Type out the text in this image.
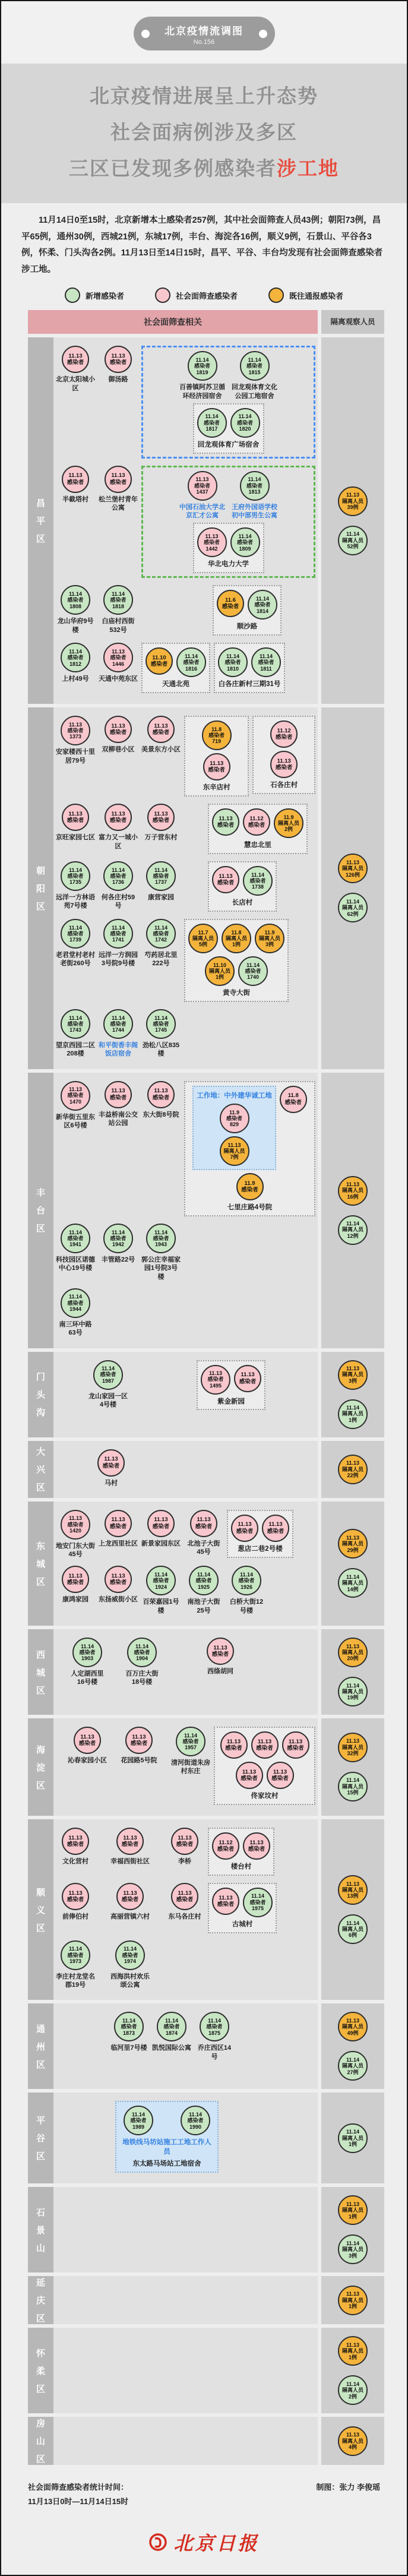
北京疫情流调图
No.156
北京疫情进展呈上升态势
社会面病例涉及多区
三区已发现多例感染者涉工地

11月14日0至15时，北京新增本土感染者257例，其中社会面筛查人员43例；朝阳73例，昌平65例，通州30例，西城21例，东城17例，丰台、海淀各16例，顺义9例，石景山、平谷各3例，怀柔、门头沟各2例。11月13日至14日15时，昌平、平谷、丰台均发现有社会面筛查感染者涉工地。

新增感染者	社会面筛查感染者	既往通报感染者
社会面筛查相关	隔离观察人员
昌
平
区
11.13
感染者
北京太阳城小区
11.13
感染者
御汤路
11.14
感染者
1819
百善镇阿苏卫循环经济园宿舍
11.14
感染者
1815
回龙观体育文化公园工地宿舍
11.14
感染者
1817
11.14
感染者
1820
回龙观体育广场宿舍
11.13
感染者
半截塔村
11.13
感染者
松兰堡村青年公寓
11.13
感染者
1437
中国石油大学北京汇才公寓
11.14
感染者
1813
王府外国语学校初中部男生公寓
11.13
感染者
1442
11.14
感染者
1809
华北电力大学
11.14
感染者
1808
龙山华府9号楼
11.14
感染者
1818
白庙村西街532号
11.6
感染者
11.14
感染者
1814
顺沙路
11.14
感染者
1812
上村49号
11.13
感染者
1446
天通中苑东区
11.10
感染者
11.14
感染者
1816
天通北苑
11.14
感染者
1810
11.14
感染者
1811
白各庄新村三期31号
11.13
隔离人员
39例
11.14
隔离人员
52例
朝
阳
区
11.13
感染者
1373
安家楼西十里居79号
11.13
感染者
双柳巷小区
11.13
感染者
美景东方小区
11.8
感染者
719
11.13
感染者
东辛店村
11.12
感染者
11.13
感染者
石各庄村
11.13
感染者
京旺家园七区
11.13
感染者
富力又一城小区
11.13
感染者
万子营东村
11.13
感染者
11.12
感染者
11.9
隔离人员
2例
慧忠北里
11.14
感染者
1735
远洋一方林语苑7号楼
11.14
感染者
1736
何各庄村59号
11.14
感染者
1737
康营家园
11.13
感染者
11.14
感染者
1738
长店村
11.14
感染者
1739
老君堂村老村老街260号
11.14
感染者
1741
远洋一方润园3号院9号楼
11.14
感染者
1742
芍药居北里222号
11.7
隔离人员
5例
11.8
隔离人员
1例
11.9
隔离人员
3例
11.10
隔离人员
1例
11.14
感染者
1740
黄寺大街
11.14
感染者
1743
望京西园二区208楼
11.14
感染者
1744
和平街香丰阁饭店宿舍
11.14
感染者
1745
劲松八区835楼
11.13
隔离人员
126例
11.14
隔离人员
62例
丰
台
区
11.13
感染者
1470
新华街五里东区6号楼
11.13
感染者
丰益桥南公交站公园
11.13
感染者
东大街8号院
工作地：中外建华诚工地
11.9
感染者
829
11.13
隔离人员
7例
11.8
感染者
11.9
感染者
七里庄路4号院
11.14
感染者
1941
科技园区诺德中心19号楼
11.14
感染者
1942
丰管路22号
11.14
感染者
1943
郭公庄幸福家园1号院3号楼
11.14
感染者
1944
南三环中路63号
11.13
隔离人员
16例
11.14
隔离人员
12例
门
头
沟
11.14
感染者
1987
龙山家园一区4号楼
11.13
感染者
1495
11.13
感染者
紫金新园
11.13
隔离人员
3例
11.14
隔离人员
1例
大
兴
区
11.13
感染者
马村
11.13
隔离人员
22例
东
城
区
11.13
感染者
1420
地安门东大街45号
11.13
感染者
上龙西里社区
11.13
感染者
新景家园东区
11.13
感染者
北池子大街45号
11.13
感染者
11.13
感染者
葱店二巷2号楼
11.13
感染者
康鸿家园
11.13
感染者
东扬威街小区
11.14
感染者
1924
百荣嘉园1号楼
11.14
感染者
1925
南池子大街25号
11.14
感染者
1926
白桥大街12号楼
11.13
隔离人员
29例
11.14
隔离人员
14例
西
城
区
11.14
感染者
1903
人定湖西里16号楼
11.14
感染者
1904
百万庄大街18号楼
11.13
感染者
西绦胡同
11.13
隔离人员
20例
11.14
隔离人员
19例
海
淀
区
11.13
感染者
沁春家园小区
11.13
感染者
花园路5号院
11.14
感染者
1957
清河街道朱房村东庄
11.13
感染者
11.13
感染者
11.13
感染者
11.13
感染者
11.13
感染者
佟家坟村
11.13
隔离人员
32例
11.14
隔离人员
15例
顺
义
区
11.13
感染者
文化营村
11.13
感染者
幸福西街社区
11.13
感染者
李桥
11.12
感染者
11.13
感染者
楼台村
11.13
感染者
前俸伯村
11.13
感染者
高丽营镇六村
11.13
感染者
东马各庄村
11.13
感染者
11.14
感染者
1975
古城村
11.14
感染者
1973
李庄村龙堂名郡19号
11.14
感染者
1974
西海洪村欢乐颂公寓
11.13
隔离人员
13例
11.14
隔离人员
6例
通
州
区
11.14
感染者
1873
临河里7号楼
11.14
感染者
1874
凯悦国际公寓
11.14
感染者
1875
乔庄西区14号
11.13
隔离人员
49例
11.14
隔离人员
27例
平
谷
区
11.14
感染者
1989
11.14
感染者
1990
地铁线马坊站施工工地工作人员
东太路马场站工地宿舍
11.14
隔离人员
1例
石
景
山
11.13
隔离人员
1例
11.14
隔离人员
3例
延
庆
区
11.13
隔离人员
1例
怀
柔
区
11.13
隔离人员
1例
11.14
隔离人员
2例
房
山
区
11.13
隔离人员
4例
社会面筛查感染者统计时间：
11月13日0时—11月14日15时
制图：张力 李俊瑶
北京日报
